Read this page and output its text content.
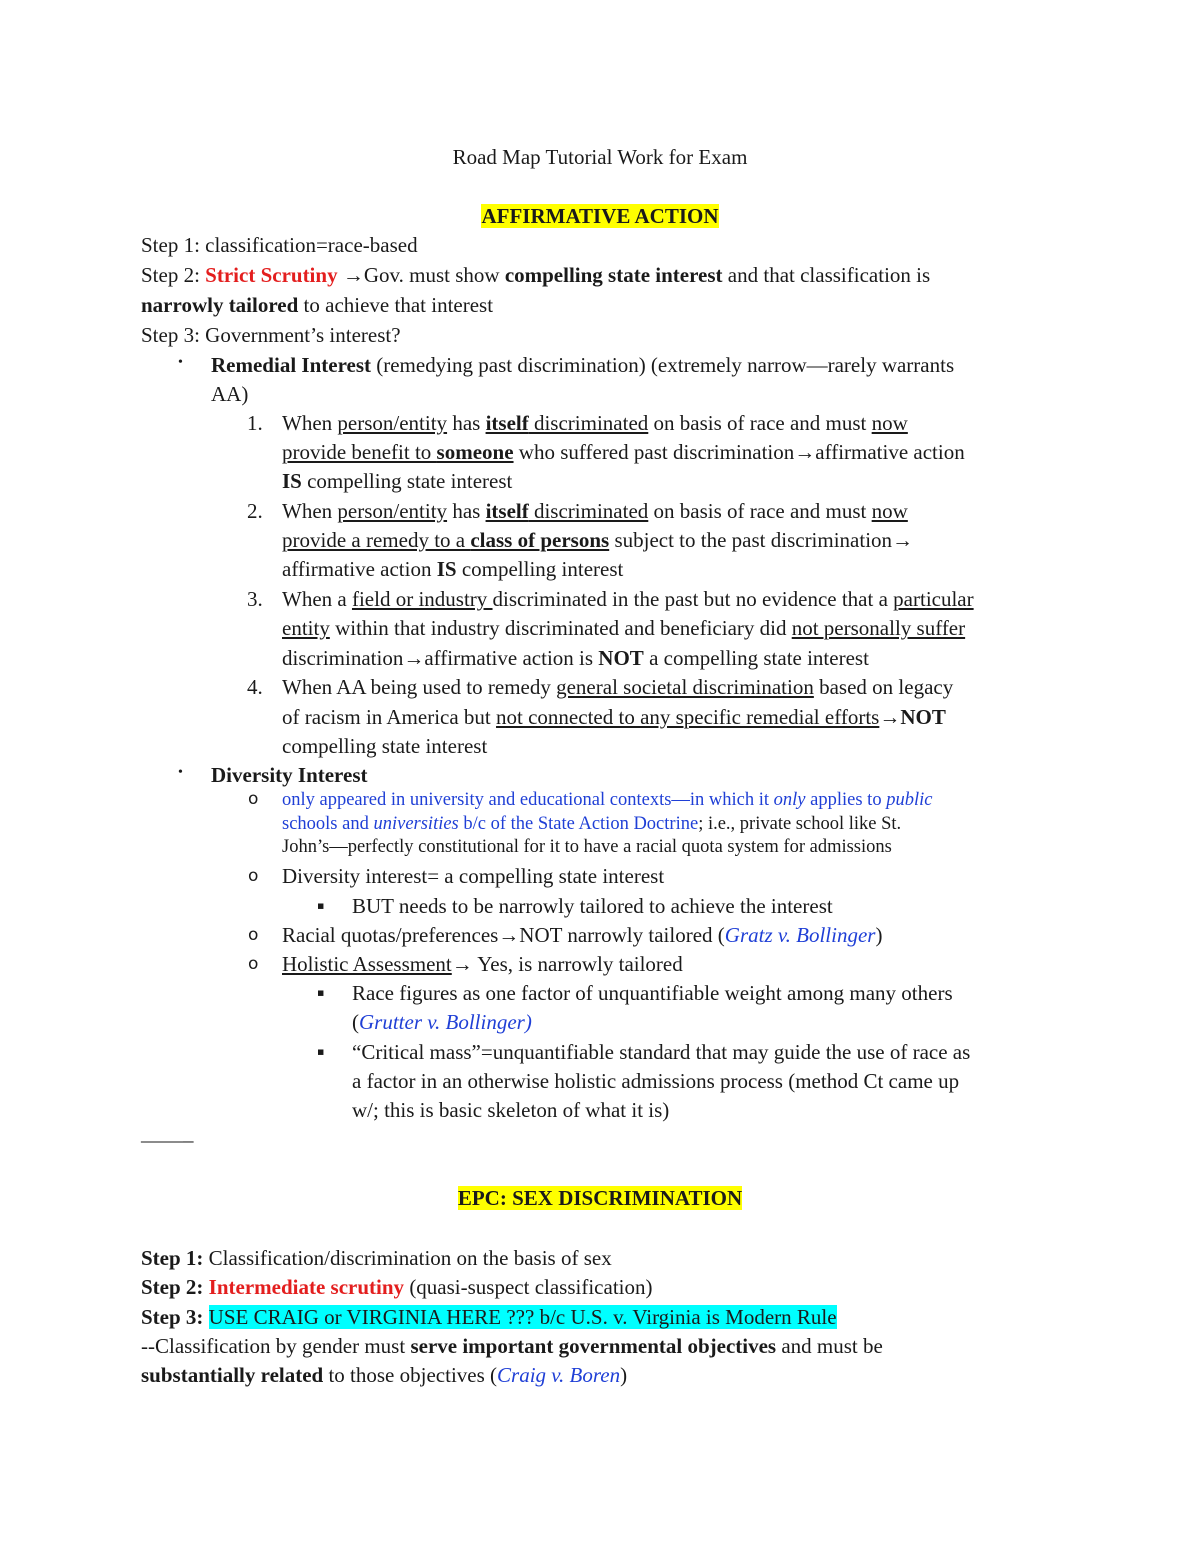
Road Map Tutorial Work for Exam
AFFIRMATIVE ACTION
Step 1: classification=race-based
Step 2: Strict Scrutiny →Gov. must show compelling state interest and that classification is
narrowly tailored to achieve that interest
Step 3: Government’s interest?
• Remedial Interest (remedying past discrimination) (extremely narrow—rarely warrants
AA)
1. When person/entity has itself discriminated on basis of race and must now
provide benefit to someone who suffered past discrimination→affirmative action
IS compelling state interest
2. When person/entity has itself discriminated on basis of race and must now
provide a remedy to a class of persons subject to the past discrimination→
affirmative action IS compelling interest
3. When a field or industry discriminated in the past but no evidence that a particular
entity within that industry discriminated and beneficiary did not personally suffer
discrimination→affirmative action is NOT a compelling state interest
4. When AA being used to remedy general societal discrimination based on legacy
of racism in America but not connected to any specific remedial efforts→NOT
compelling state interest
• Diversity Interest
o only appeared in university and educational contexts—in which it only applies to public
schools and universities b/c of the State Action Doctrine; i.e., private school like St.
John’s—perfectly constitutional for it to have a racial quota system for admissions
o Diversity interest= a compelling state interest
▪ BUT needs to be narrowly tailored to achieve the interest
o Racial quotas/preferences→NOT narrowly tailored (Gratz v. Bollinger)
o Holistic Assessment→ Yes, is narrowly tailored
▪ Race figures as one factor of unquantifiable weight among many others
(Grutter v. Bollinger)
▪ “Critical mass”=unquantifiable standard that may guide the use of race as
a factor in an otherwise holistic admissions process (method Ct came up
w/; this is basic skeleton of what it is)
——–
EPC: SEX DISCRIMINATION
Step 1: Classification/discrimination on the basis of sex
Step 2: Intermediate scrutiny (quasi-suspect classification)
Step 3: USE CRAIG or VIRGINIA HERE ??? b/c U.S. v. Virginia is Modern Rule
--Classification by gender must serve important governmental objectives and must be
substantially related to those objectives (Craig v. Boren)
